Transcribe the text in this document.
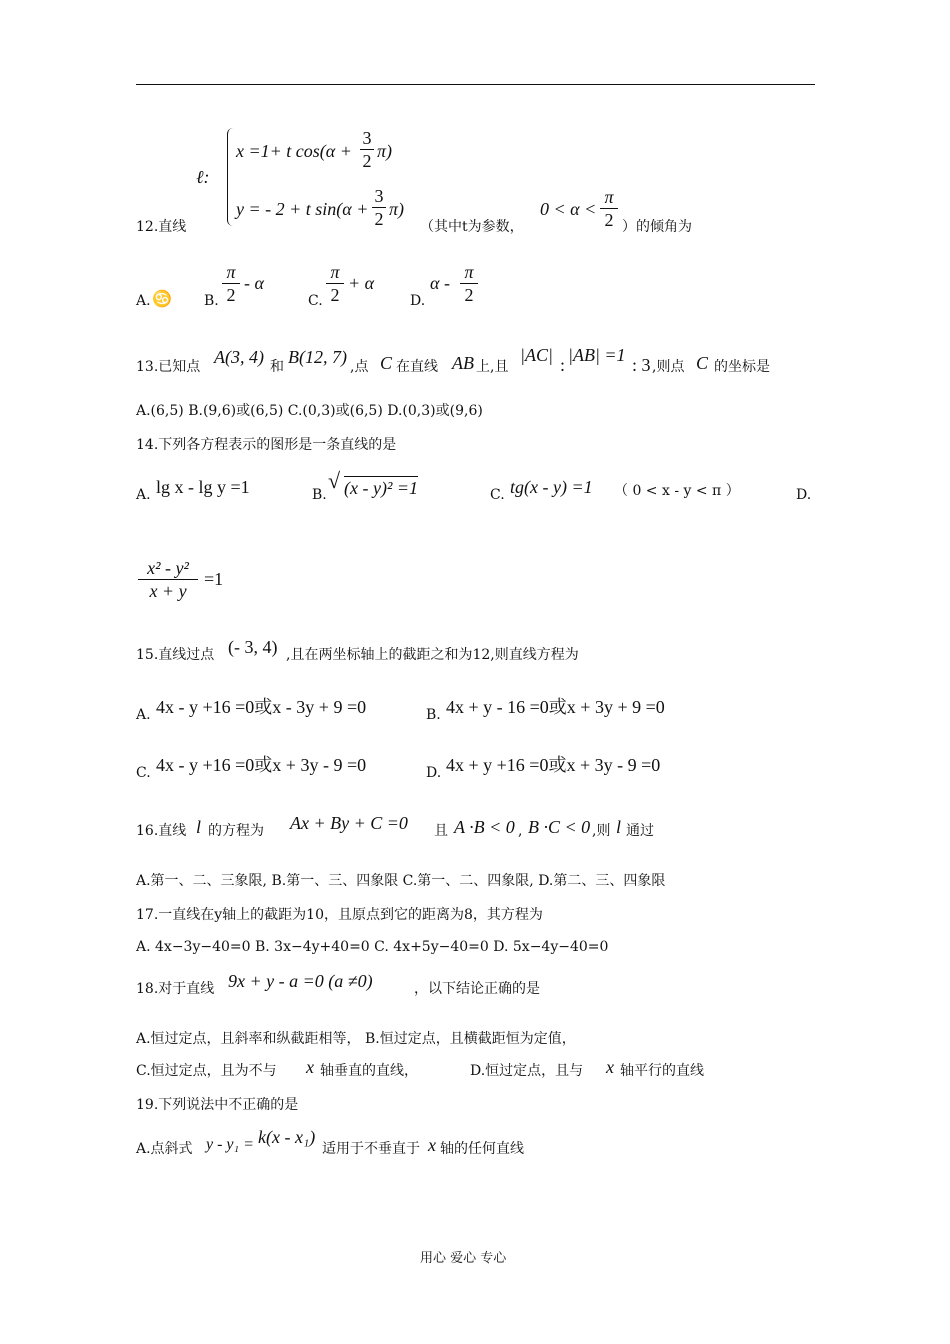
ℓ:
x =1+ t cos(α +
3
2 π)
y = - 2 + t sin(α +
3
2 π)
12.直线	（其中t为参数，
0 < α <
π
2 ）的倾角为
A. ♋ B.
π
2
- α
C.
π
2
+ α
D.
α -
π
2
13.已知点 A(3, 4) 和 B(12, 7) ,点 C 在直线 AB 上,且
|AC| : |AB| =1 : 3 ,则点 C 的坐标是
A.(6,5) B.(9,6)或(6,5) C.(0,3)或(6,5) D.(0,3)或(9,6)
14.下列各方程表示的图形是一条直线的是
A. lg x - lg y =1	B.
√ (x - y)² =1	C. tg(x - y) =1 （ 0 < x - y < π ）	D.
x² - y²
x + y
=1
15.直线过点 (- 3, 4) ,且在两坐标轴上的截距之和为12,则直线方程为
A. 4x - y +16 =0或x - 3y + 9 =0	B. 4x + y - 16 =0或x + 3y + 9 =0
C. 4x - y +16 =0或x + 3y - 9 =0	D. 4x + y +16 =0或x + 3y - 9 =0
16.直线 l 的方程为 Ax + By + C =0 且 A ·B < 0 , B ·C < 0 ,则 l 通过
A.第一、二、三象限, B.第一、三、四象限 C.第一、二、四象限, D.第二、三、四象限
17.一直线在y轴上的截距为10，且原点到它的距离为8，其方程为
A. 4x−3y−40=0 B. 3x−4y+40=0 C. 4x+5y−40=0 D. 5x−4y−40=0
18.对于直线 9x + y - a =0 (a ≠0)	，以下结论正确的是
A.恒过定点，且斜率和纵截距相等， B.恒过定点，且横截距恒为定值，
C.恒过定点，且为不与 x 轴垂直的直线，	D.恒过定点，且与 x 轴平行的直线
19.下列说法中不正确的是
A.点斜式 y - y₁ = k(x - x₁)
适用于不垂直于 x 轴的任何直线
用心 爱心 专心
